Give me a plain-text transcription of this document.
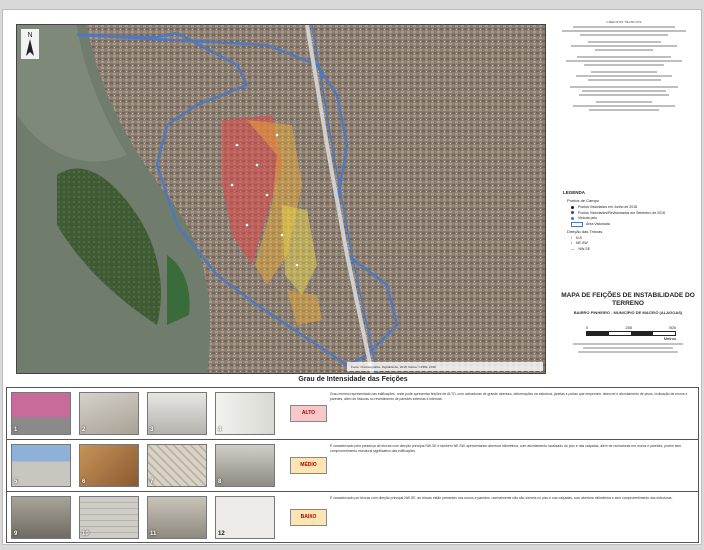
N
Fonte: Ortofotografias, DigitalGlobe, 2018; Dados: CPRM, 2018
CRÉDITOS TÉCNICOS
LEGENDA
Pontos de Campo
Pontos Vistoriados em Junho de 2018
Pontos Vistoriados/Revistoriados em Setembro de 2018
Vistoria pelo
Área Vistoriada
Direção das Trincas
/ N-S
\ NE-SW
— NW-SE
MAPA DE FEIÇÕES DE INSTABILIDADE DO TERRENO
BAIRRO PINHEIRO - MUNICÍPIO DE MACEIÓ (ALAGOAS)
0	250	500
Metros
Grau de Intensidade das Feições
1	2	3	4
ALTO
Grau mínimo representado nas edificações, onde pode apresentar feições de ALTO, com rachaduras de grande abertura, deformações na estrutura, janelas e portas que emperram, desnível e afundamento de pisos, inclinação de muros e paredes, além de fissuras no revestimento de paredes externas e internas.
5	6	7	8
MÉDIO
É caracterizado pela presença de trincas com direção principal NW-SE e também NE-SW, apresentando abertura milimétrica, com afundamento localizado do piso e das calçadas, além de rachaduras em muros e paredes, porém sem comprometimento estrutural significativo das edificações.
9	10	11	12
BAIXO
É caracterizado por trincas com direção principal NW-SE, as trincas estão presentes nos muros e paredes, normalmente não são visíveis no piso e nas calçadas, com abertura milimétrica e sem comprometimento das estruturas.
